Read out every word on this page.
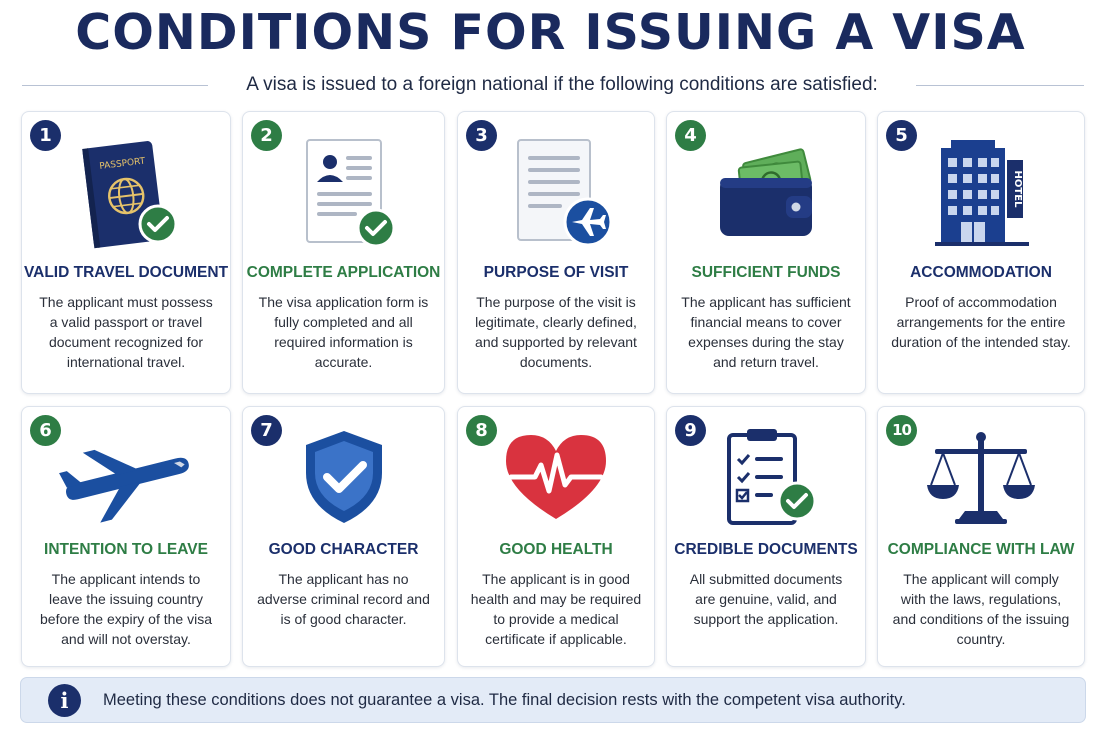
CONDITIONS FOR ISSUING A VISA
A visa is issued to a foreign national if the following conditions are satisfied:
1
PASSPORT
VALID TRAVEL DOCUMENT
The applicant must possess a valid passport or travel document recognized for international travel.
2
COMPLETE APPLICATION
The visa application form is fully completed and all required information is accurate.
3
PURPOSE OF VISIT
The purpose of the visit is legitimate, clearly defined, and supported by relevant documents.
4
SUFFICIENT FUNDS
The applicant has sufficient financial means to cover expenses during the stay and return travel.
5
HOTEL
ACCOMMODATION
Proof of accommodation arrangements for the entire duration of the intended stay.
6
INTENTION TO LEAVE
The applicant intends to leave the issuing country before the expiry of the visa and will not overstay.
7
GOOD CHARACTER
The applicant has no adverse criminal record and is of good character.
8
GOOD HEALTH
The applicant is in good health and may be required to provide a medical certificate if applicable.
9
CREDIBLE DOCUMENTS
All submitted documents are genuine, valid, and support the application.
10
COMPLIANCE WITH LAW
The applicant will comply with the laws, regulations, and conditions of the issuing country.
i	Meeting these conditions does not guarantee a visa. The final decision rests with the competent visa authority.
